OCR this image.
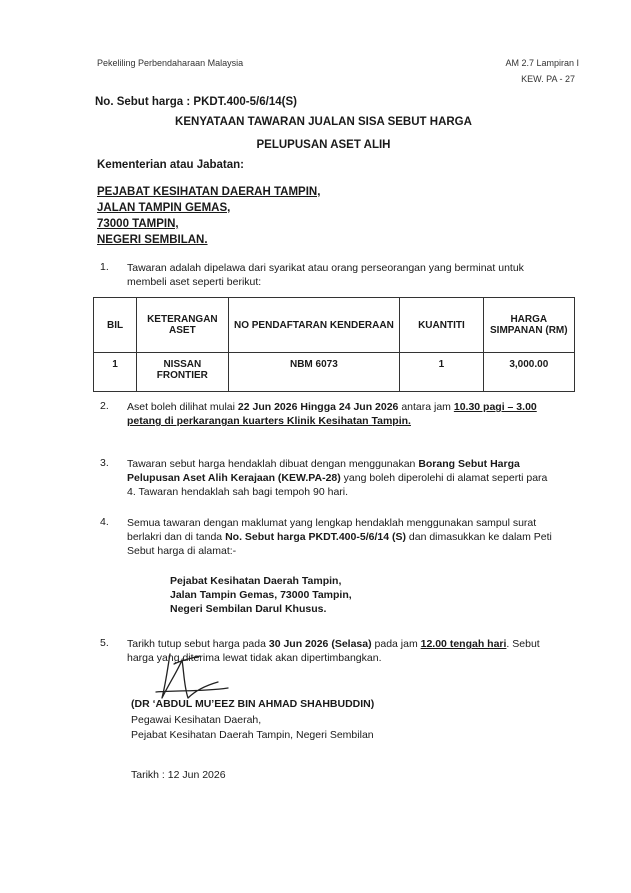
Pekeliling Perbendaharaan Malaysia	AM 2.7 Lampiran I
KEW. PA - 27
No. Sebut harga : PKDT.400-5/6/14(S)
KENYATAAN TAWARAN JUALAN SISA SEBUT HARGA
PELUPUSAN ASET ALIH
Kementerian atau Jabatan:
PEJABAT KESIHATAN DAERAH TAMPIN,
JALAN TAMPIN GEMAS,
73000 TAMPIN,
NEGERI SEMBILAN.
1. Tawaran adalah dipelawa dari syarikat atau orang perseorangan yang berminat untuk membeli aset seperti berikut:
BIL	KETERANGAN ASET	NO PENDAFTARAN KENDERAAN	KUANTITI	HARGA SIMPANAN (RM)
1	NISSAN FRONTIER	NBM 6073	1	3,000.00
2. Aset boleh dilihat mulai 22 Jun 2026 Hingga 24 Jun 2026 antara jam 10.30 pagi – 3.00 petang di perkarangan kuarters Klinik Kesihatan Tampin.
3. Tawaran sebut harga hendaklah dibuat dengan menggunakan Borang Sebut Harga Pelupusan Aset Alih Kerajaan (KEW.PA-28) yang boleh diperolehi di alamat seperti para 4. Tawaran hendaklah sah bagi tempoh 90 hari.
4. Semua tawaran dengan maklumat yang lengkap hendaklah menggunakan sampul surat berlakri dan di tanda No. Sebut harga PKDT.400-5/6/14 (S) dan dimasukkan ke dalam Peti Sebut harga di alamat:-
Pejabat Kesihatan Daerah Tampin,
Jalan Tampin Gemas, 73000 Tampin,
Negeri Sembilan Darul Khusus.
5. Tarikh tutup sebut harga pada 30 Jun 2026 (Selasa) pada jam 12.00 tengah hari. Sebut harga yang diterima lewat tidak akan dipertimbangkan.
(DR ‘ABDUL MU’EEZ BIN AHMAD SHAHBUDDIN)
Pegawai Kesihatan Daerah,
Pejabat Kesihatan Daerah Tampin, Negeri Sembilan
Tarikh : 12 Jun 2026
